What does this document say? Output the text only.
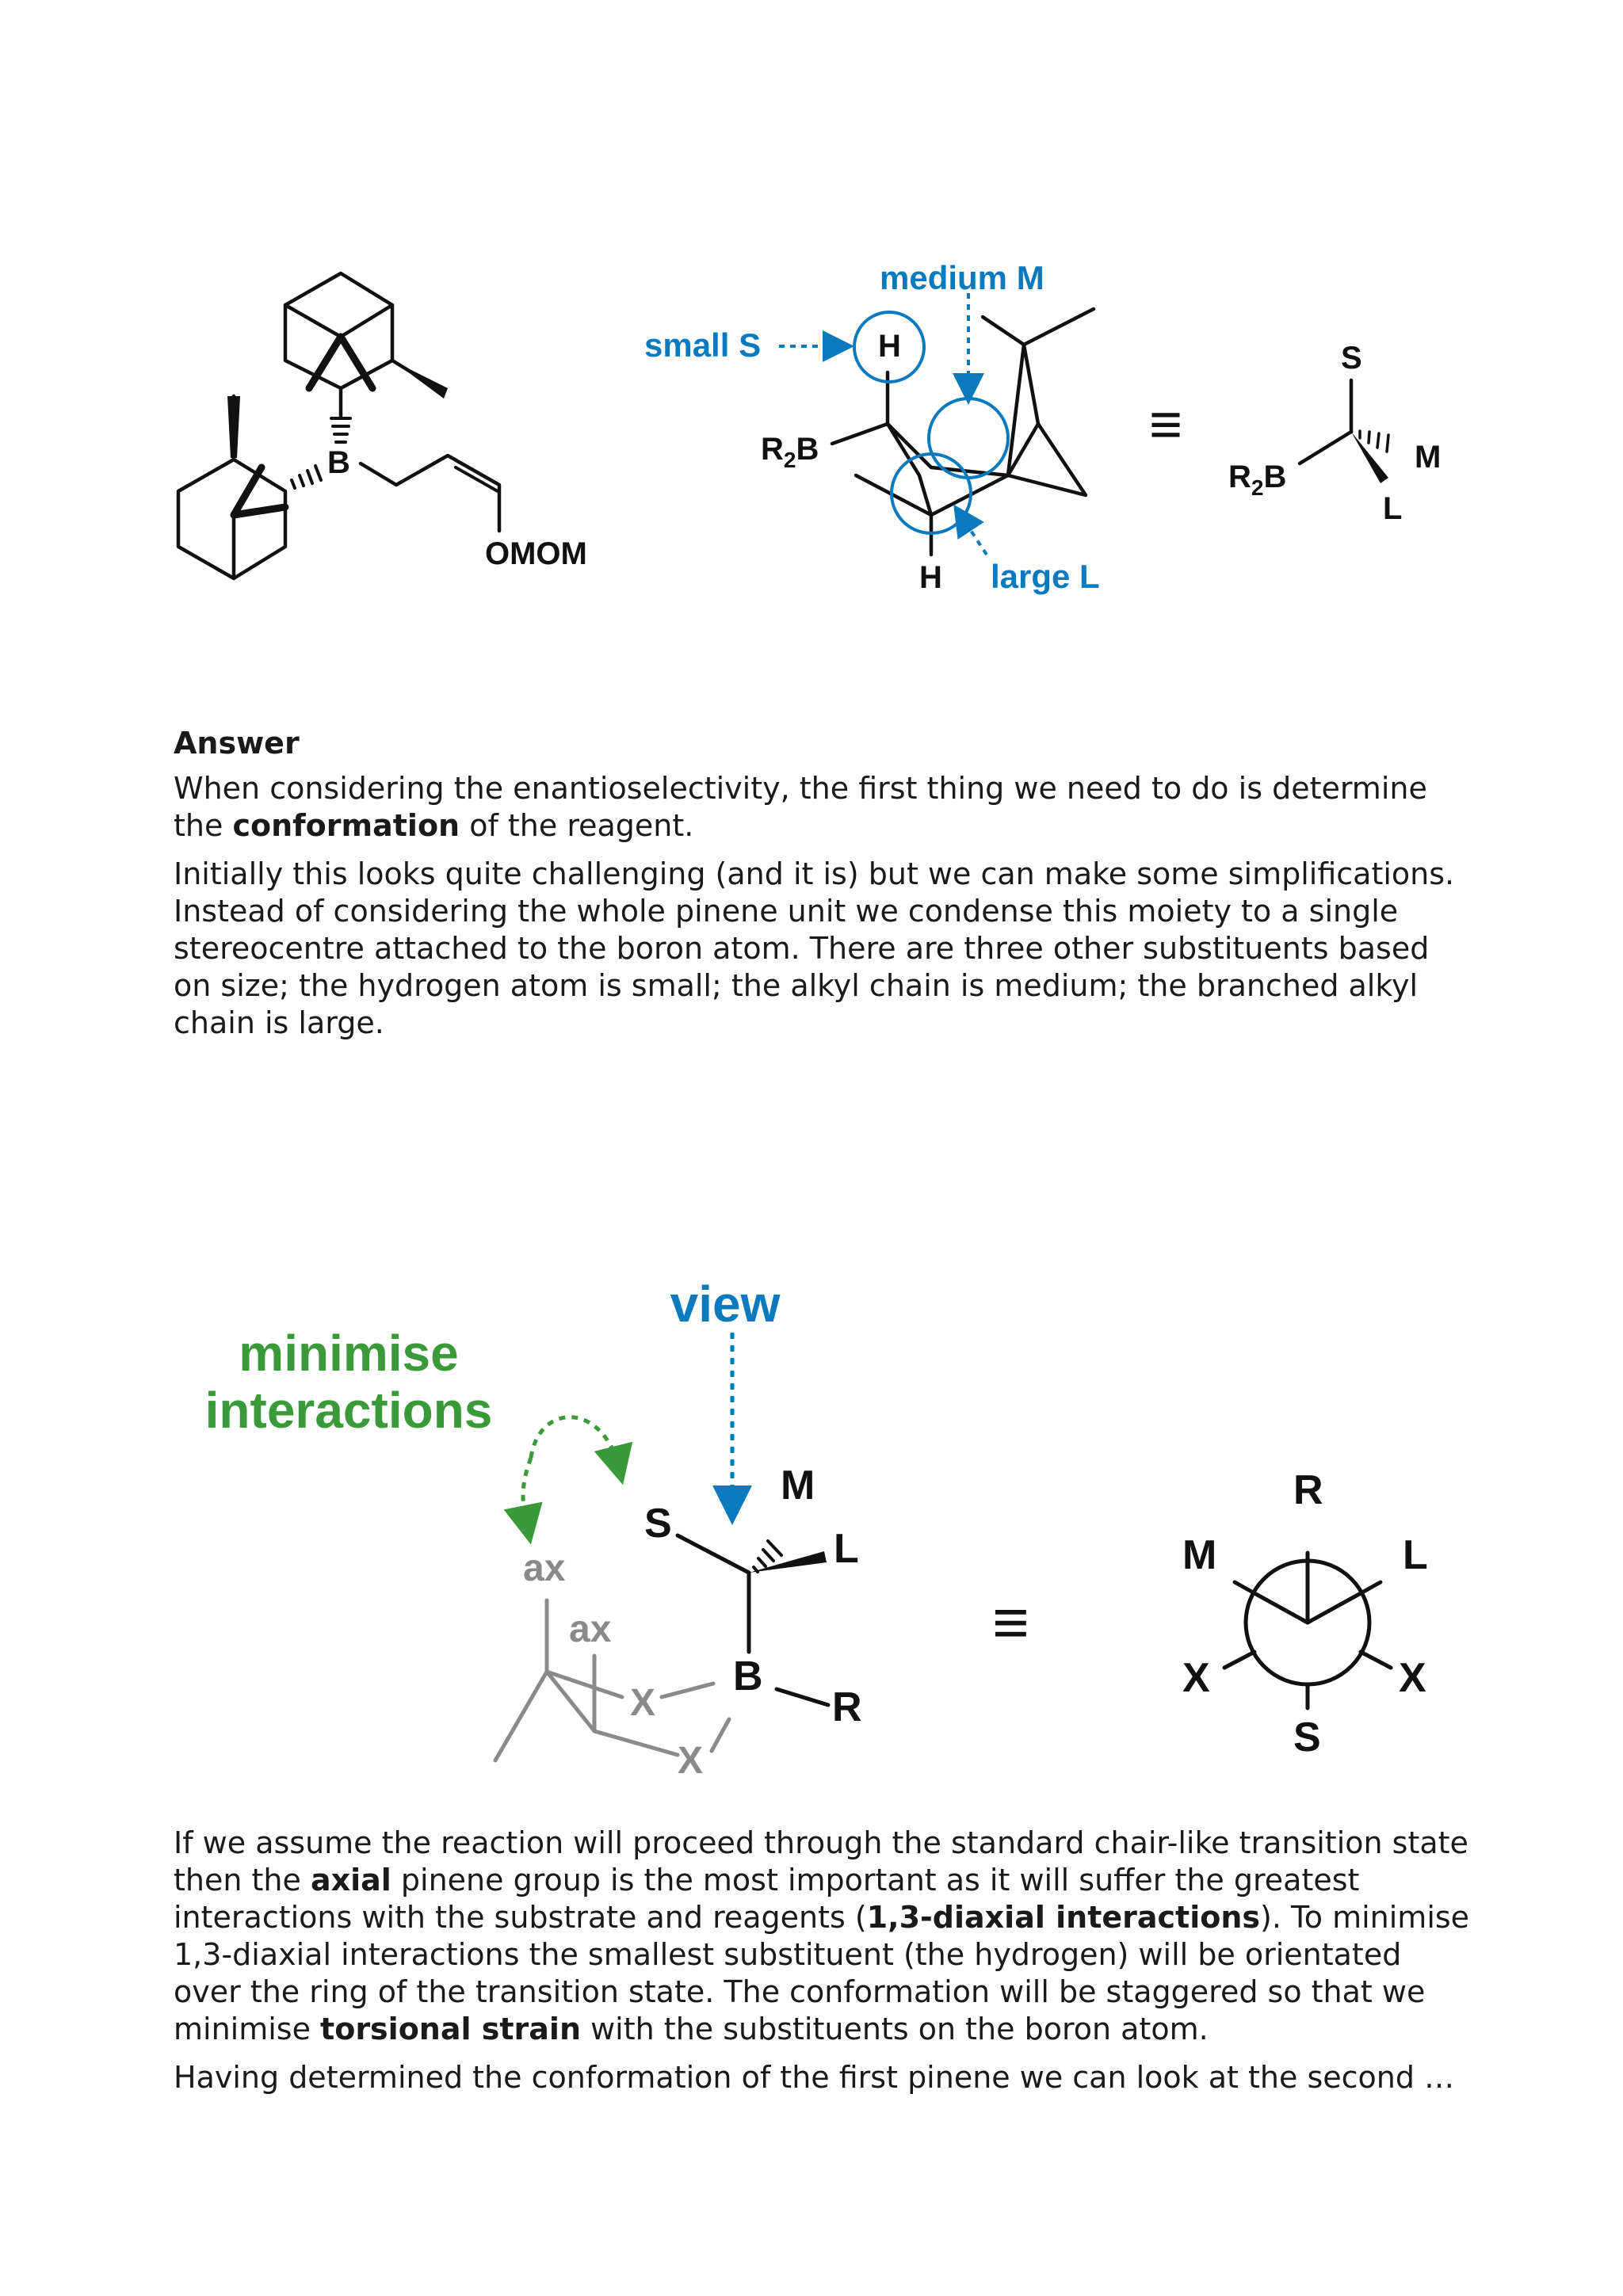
B
OMOM
$R_2B$
H
H
small S
medium M
large L
≡
$R_2B$
S
M
L
Answer

When considering the enantioselectivity, the first thing we need to do is determine the conformation of the reagent.

Initially this looks quite challenging (and it is) but we can make some simplifications. Instead of considering the whole pinene unit we condense this moiety to a single stereocentre attached to the boron atom. There are three other substituents based on size; the hydrogen atom is small; the alkyl chain is medium; the branched alkyl chain is large.

minimise
interactions
view
ax
ax
X
X
S
M
L
B
R
≡
R
M	L
X	X
S

If we assume the reaction will proceed through the standard chair-like transition state then the axial pinene group is the most important as it will suffer the greatest interactions with the substrate and reagents (1,3-diaxial interactions). To minimise 1,3-diaxial interactions the smallest substituent (the hydrogen) will be orientated over the ring of the transition state. The conformation will be staggered so that we minimise torsional strain with the substituents on the boron atom.

Having determined the conformation of the first pinene we can look at the second …
